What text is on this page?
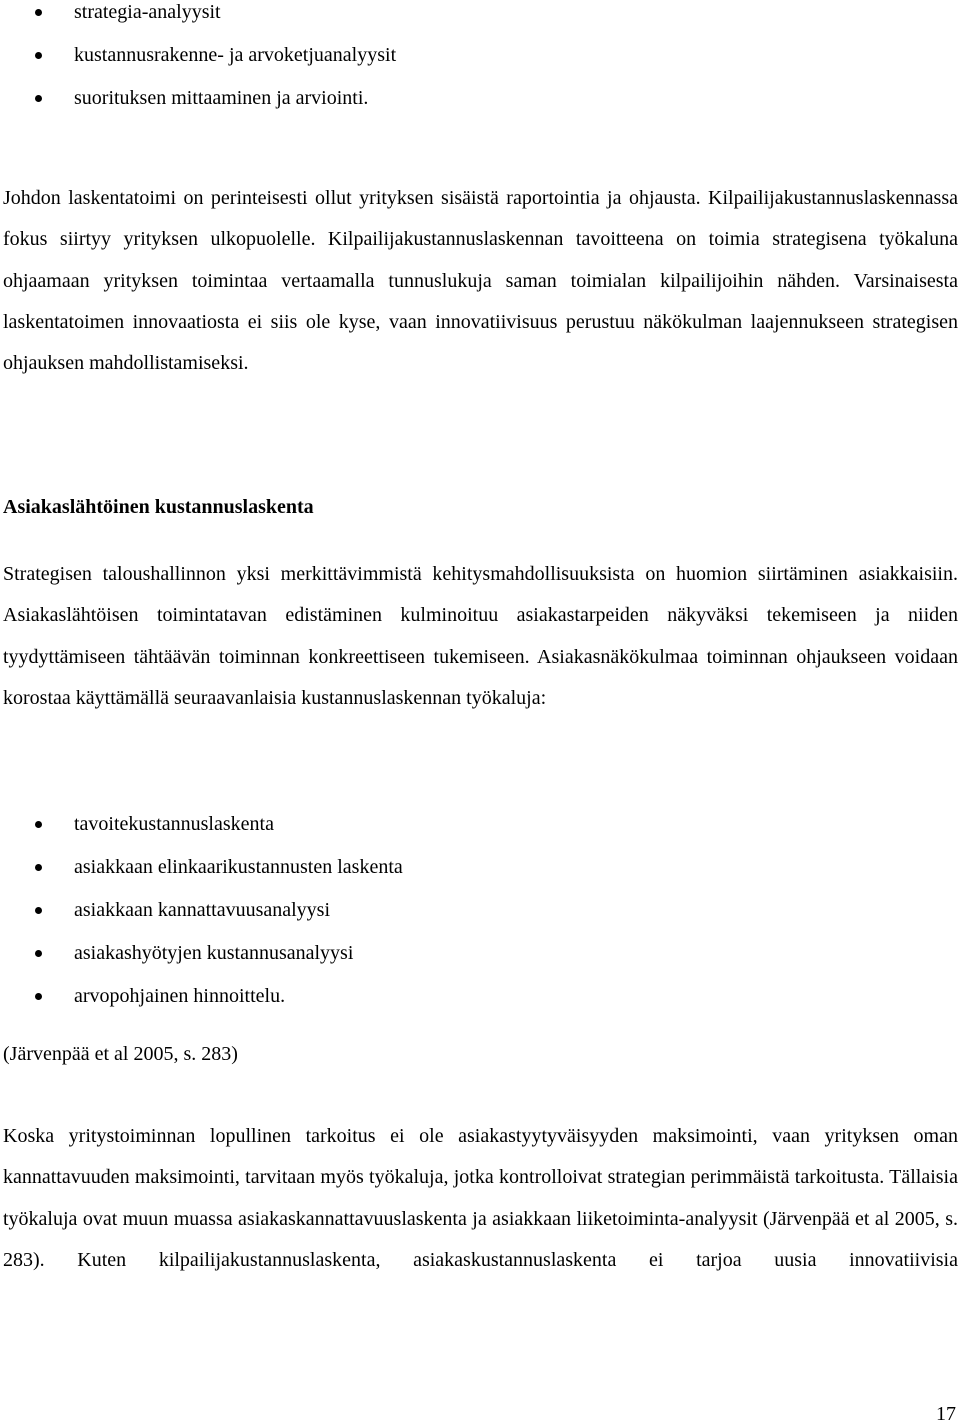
strategia-analyysit
kustannusrakenne- ja arvoketjuanalyysit
suorituksen mittaaminen ja arviointi.

Johdon laskentatoimi on perinteisesti ollut yrityksen sisäistä raportointia ja ohjausta. Kilpailijakustannuslaskennassa fokus siirtyy yrityksen ulkopuolelle. Kilpailijakustannuslaskennan tavoitteena on toimia strategisena työkaluna ohjaamaan yrityksen toimintaa vertaamalla tunnuslukuja saman toimialan kilpailijoihin nähden. Varsinaisesta laskentatoimen innovaatiosta ei siis ole kyse, vaan innovatiivisuus perustuu näkökulman laajennukseen strategisen ohjauksen mahdollistamiseksi.

Asiakaslähtöinen kustannuslaskenta

Strategisen taloushallinnon yksi merkittävimmistä kehitysmahdollisuuksista on huomion siirtäminen asiakkaisiin. Asiakaslähtöisen toimintatavan edistäminen kulminoituu asiakastarpeiden näkyväksi tekemiseen ja niiden tyydyttämiseen tähtäävän toiminnan konkreettiseen tukemiseen. Asiakasnäkökulmaa toiminnan ohjaukseen voidaan korostaa käyttämällä seuraavanlaisia kustannuslaskennan työkaluja:

tavoitekustannuslaskenta
asiakkaan elinkaarikustannusten laskenta
asiakkaan kannattavuusanalyysi
asiakashyötyjen kustannusanalyysi
arvopohjainen hinnoittelu.

(Järvenpää et al 2005, s. 283)

Koska yritystoiminnan lopullinen tarkoitus ei ole asiakastyytyväisyyden maksimointi, vaan yrityksen oman kannattavuuden maksimointi, tarvitaan myös työkaluja, jotka kontrolloivat strategian perimmäistä tarkoitusta. Tällaisia työkaluja ovat muun muassa asiakaskannattavuuslaskenta ja asiakkaan liiketoiminta-analyysit (Järvenpää et al 2005, s. 283). Kuten kilpailijakustannuslaskenta, asiakaskustannuslaskenta ei tarjoa uusia innovatiivisia

17
